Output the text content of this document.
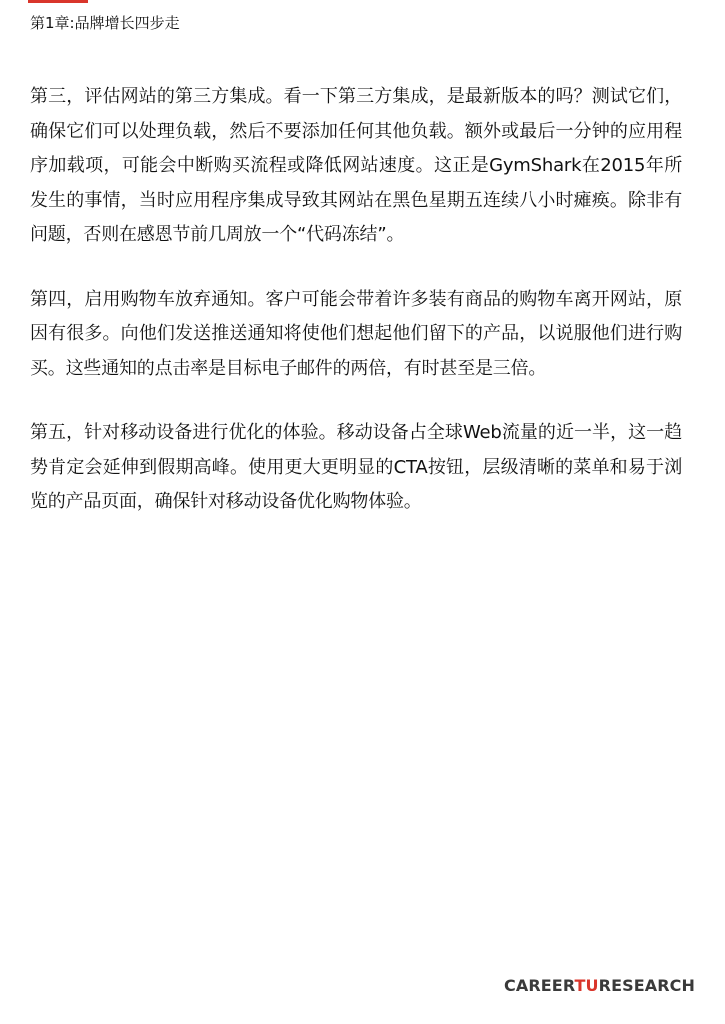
第1章:品牌增长四步走

第三，评估网站的第三方集成。看一下第三方集成，是最新版本的吗？测试它们，确保它们可以处理负载，然后不要添加任何其他负载。额外或最后一分钟的应用程序加载项，可能会中断购买流程或降低网站速度。这正是GymShark在2015年所发生的事情，当时应用程序集成导致其网站在黑色星期五连续八小时瘫痪。除非有问题，否则在感恩节前几周放一个“代码冻结”。

第四，启用购物车放弃通知。客户可能会带着许多装有商品的购物车离开网站，原因有很多。向他们发送推送通知将使他们想起他们留下的产品，以说服他们进行购买。这些通知的点击率是目标电子邮件的两倍，有时甚至是三倍。

第五，针对移动设备进行优化的体验。移动设备占全球Web流量的近一半，这一趋势肯定会延伸到假期高峰。使用更大更明显的CTA按钮，层级清晰的菜单和易于浏览的产品页面，确保针对移动设备优化购物体验。

CAREERTURESEARCH
